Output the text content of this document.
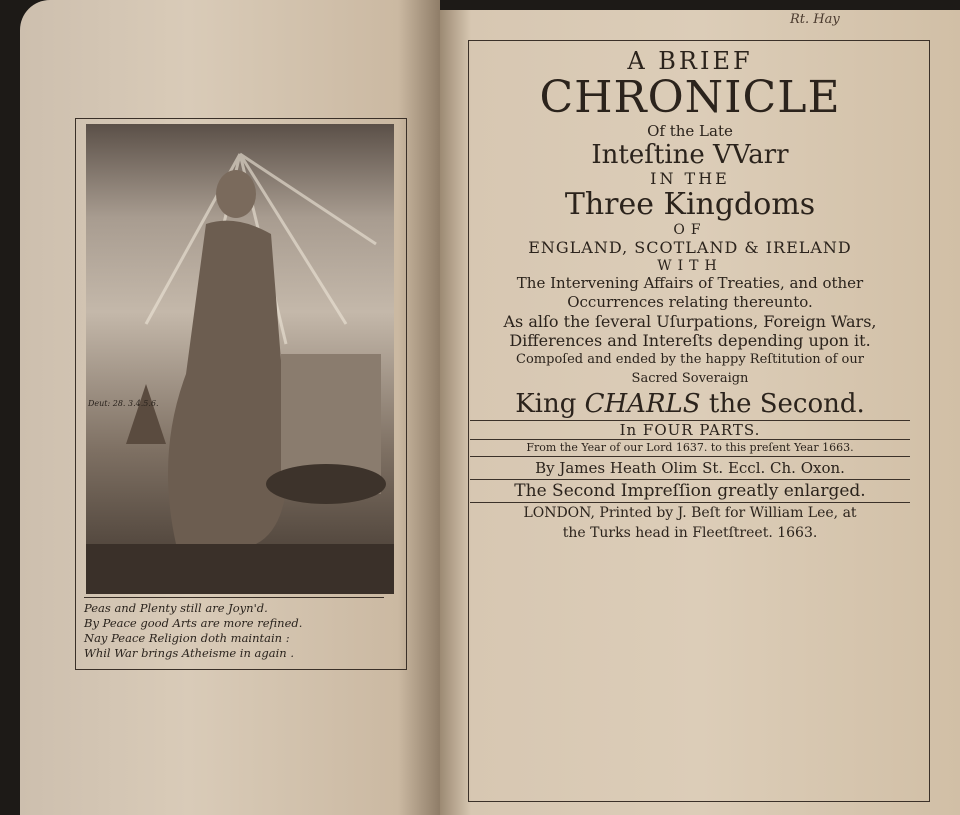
Deut: 28. 3.4.5.6.
Peas and Plenty still are Joyn'd.
By Peace good Arts are more refined.
Nay Peace Religion doth maintain :
Whil War brings Atheisme in again .
Rt. Hay
A BRIEF
CHRONICLE
Of the Late
Inteſtine VVarr
IN THE
Three Kingdoms
OF
ENGLAND, SCOTLAND & IRELAND
WITH
The Intervening Affairs of Treaties, and other Occurrences relating thereunto.
As alſo the ſeveral Uſurpations, Foreign Wars, Differences and Intereſts depending upon it.
Compoſed and ended by the happy Reſtitution of our Sacred Soveraign
King CHARLS the Second.
In FOUR PARTS.
From the Year of our Lord 1637. to this preſent Year 1663.
By James Heath Olim St. Eccl. Ch. Oxon.
The Second Impreſſion greatly enlarged.
LONDON, Printed by J. Beſt for William Lee, at
the Turks head in Fleetſtreet. 1663.
